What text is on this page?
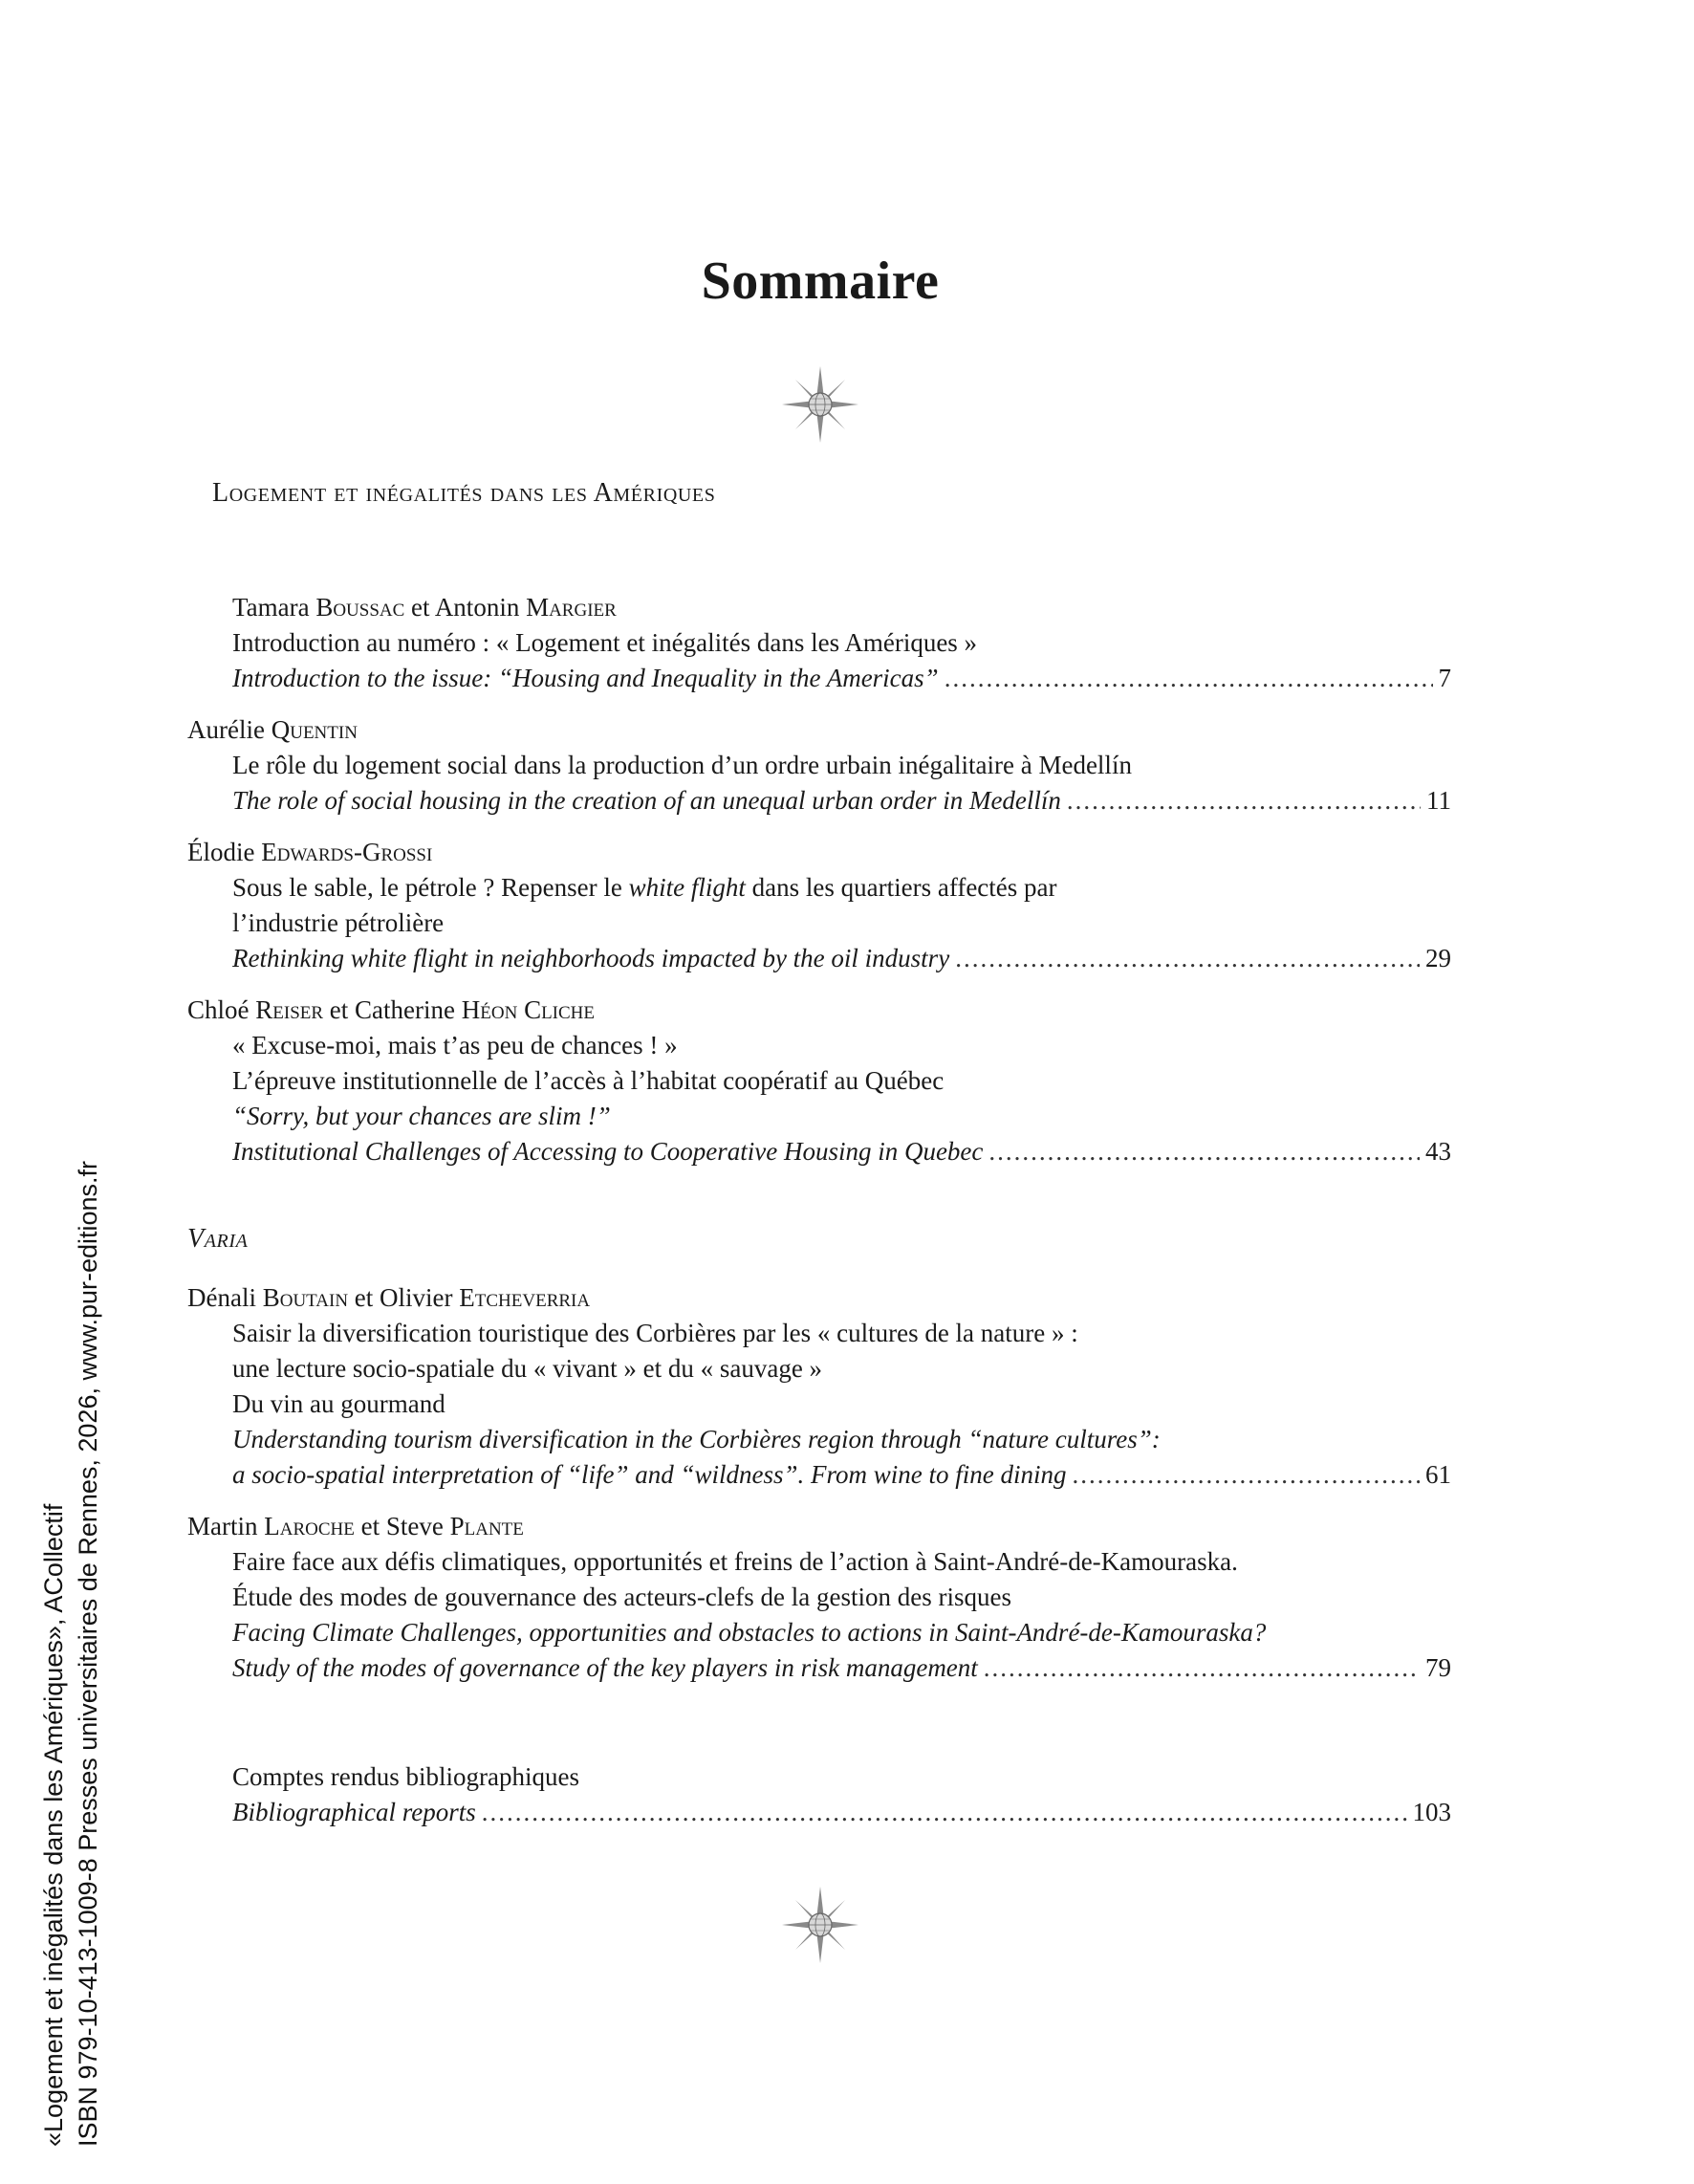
Sommaire
Logement et inégalités dans les Amériques
Tamara Boussac et Antonin Margier
Introduction au numéro : « Logement et inégalités dans les Amériques »
Introduction to the issue: “Housing and Inequality in the Americas” .....	7
Aurélie Quentin
Le rôle du logement social dans la production d’un ordre urbain inégalitaire à Medellín
The role of social housing in the creation of an unequal urban order in Medellín .....	11
Élodie Edwards-Grossi
Sous le sable, le pétrole ? Repenser le white flight dans les quartiers affectés par
l’industrie pétrolière
Rethinking white flight in neighborhoods impacted by the oil industry .....	29
Chloé Reiser et Catherine Héon Cliche
« Excuse-moi, mais t’as peu de chances ! »
L’épreuve institutionnelle de l’accès à l’habitat coopératif au Québec
“Sorry, but your chances are slim !”
Institutional Challenges of Accessing to Cooperative Housing in Quebec .....	43
Varia
Dénali Boutain et Olivier Etcheverria
Saisir la diversification touristique des Corbières par les « cultures de la nature » :
une lecture socio-spatiale du « vivant » et du « sauvage »
Du vin au gourmand
Understanding tourism diversification in the Corbières region through “nature cultures”:
a socio-spatial interpretation of “life” and “wildness”. From wine to fine dining .....	61
Martin Laroche et Steve Plante
Faire face aux défis climatiques, opportunités et freins de l’action à Saint-André-de-Kamouraska.
Étude des modes de gouvernance des acteurs-clefs de la gestion des risques
Facing Climate Challenges, opportunities and obstacles to actions in Saint-André-de-Kamouraska?
Study of the modes of governance of the key players in risk management .....	79
Comptes rendus bibliographiques
Bibliographical reports .....	103
«Logement et inégalités dans les Amériques», ACollectif ISBN 979-10-413-1009-8 Presses universitaires de Rennes, 2026, www.pur-editions.fr
